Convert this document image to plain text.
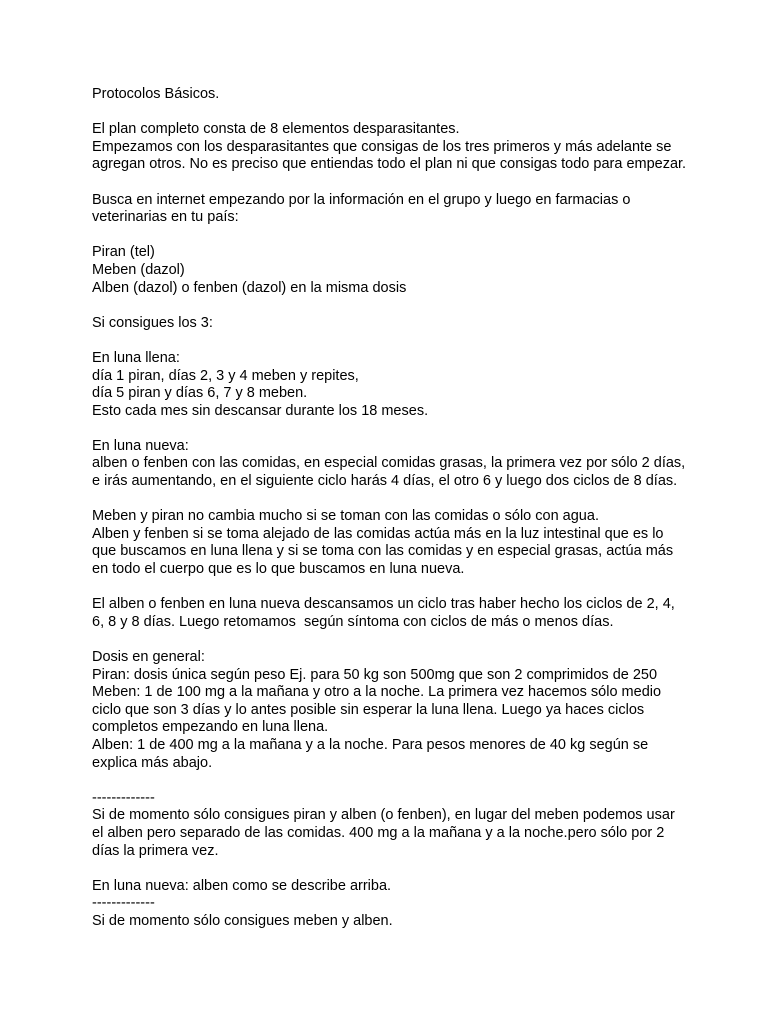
Protocolos Básicos.
El plan completo consta de 8 elementos desparasitantes.
Empezamos con los desparasitantes que consigas de los tres primeros y más adelante se
agregan otros. No es preciso que entiendas todo el plan ni que consigas todo para empezar.
Busca en internet empezando por la información en el grupo y luego en farmacias o
veterinarias en tu país:
Piran (tel)
Meben (dazol)
Alben (dazol) o fenben (dazol) en la misma dosis
Si consigues los 3:
En luna llena:
día 1 piran, días 2, 3 y 4 meben y repites,
día 5 piran y días 6, 7 y 8 meben.
Esto cada mes sin descansar durante los 18 meses.
En luna nueva:
alben o fenben con las comidas, en especial comidas grasas, la primera vez por sólo 2 días,
e irás aumentando, en el siguiente ciclo harás 4 días, el otro 6 y luego dos ciclos de 8 días.
Meben y piran no cambia mucho si se toman con las comidas o sólo con agua.
Alben y fenben si se toma alejado de las comidas actúa más en la luz intestinal que es lo
que buscamos en luna llena y si se toma con las comidas y en especial grasas, actúa más
en todo el cuerpo que es lo que buscamos en luna nueva.
El alben o fenben en luna nueva descansamos un ciclo tras haber hecho los ciclos de 2, 4,
6, 8 y 8 días. Luego retomamos  según síntoma con ciclos de más o menos días.
Dosis en general:
Piran: dosis única según peso Ej. para 50 kg son 500mg que son 2 comprimidos de 250
Meben: 1 de 100 mg a la mañana y otro a la noche. La primera vez hacemos sólo medio
ciclo que son 3 días y lo antes posible sin esperar la luna llena. Luego ya haces ciclos
completos empezando en luna llena.
Alben: 1 de 400 mg a la mañana y a la noche. Para pesos menores de 40 kg según se
explica más abajo.
-------------
Si de momento sólo consigues piran y alben (o fenben), en lugar del meben podemos usar
el alben pero separado de las comidas. 400 mg a la mañana y a la noche.pero sólo por 2
días la primera vez.
En luna nueva: alben como se describe arriba.
-------------
Si de momento sólo consigues meben y alben.
